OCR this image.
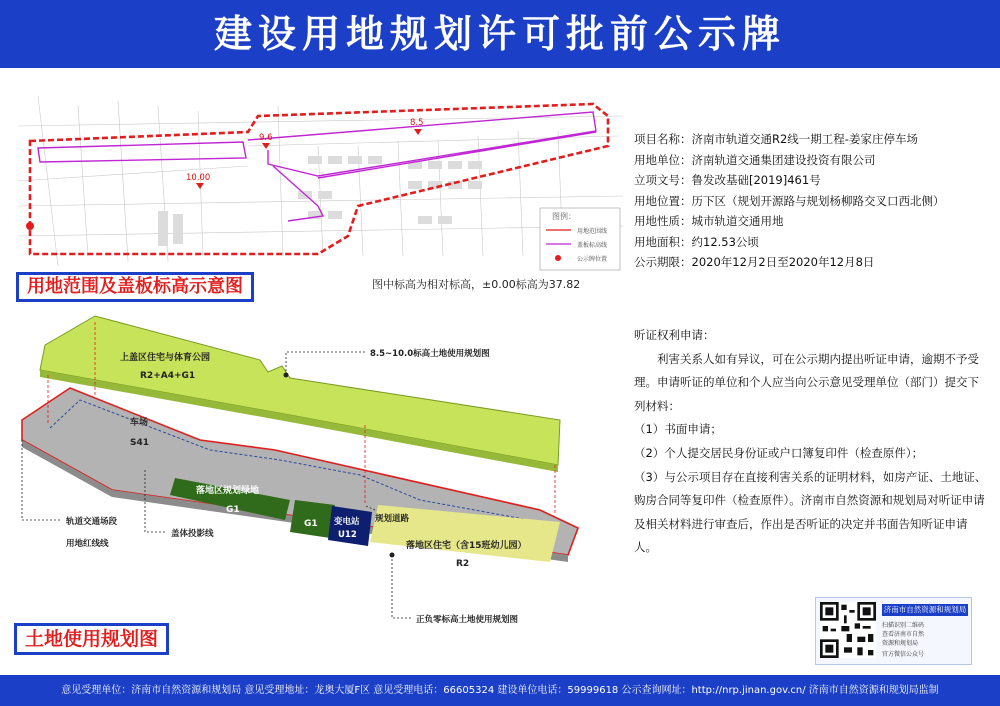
建设用地规划许可批前公示牌
9.6
8.5
10.00
图例：
用地范围线
盖板标高线
公示牌位置
用地范围及盖板标高示意图	图中标高为相对标高，±0.00标高为37.82
项目名称：济南市轨道交通R2线一期工程-姜家庄停车场
用地单位：济南轨道交通集团建设投资有限公司
立项文号：鲁发改基础[2019]461号
用地位置：历下区（规划开源路与规划杨柳路交叉口西北侧）
用地性质：城市轨道交通用地
用地面积：约12.53公顷
公示期限：2020年12月2日至2020年12月8日

听证权利申请：

利害关系人如有异议，可在公示期内提出听证申请，逾期不予受理。申请听证的单位和个人应当向公示意见受理单位（部门）提交下列材料：

（1）书面申请；

（2）个人提交居民身份证或户口簿复印件（检查原件）；

（3）与公示项目存在直接利害关系的证明材料，如房产证、土地证、购房合同等复印件（检查原件）。济南市自然资源和规划局对听证申请及相关材料进行审查后，作出是否听证的决定并书面告知听证申请人。

上盖区住宅与体育公园
R2+A4+G1
车场
S41
落地区规划绿地
G1
G1 变电站
U12
落地区住宅（含15班幼儿园）
R2
8.5~10.0标高土地使用规划图
规划道路
轨道交通场段
用地红线线
盖体投影线
正负零标高土地使用规划图
土地使用规划图
济南市自然资源和规划局
扫描识别二维码
查看济南市自然
资源和规划局
官方微信公众号
意见受理单位：济南市自然资源和规划局 意见受理地址：龙奥大厦F区 意见受理电话：66605324 建设单位电话：59999618 公示查询网址：http://nrp.jinan.gov.cn/ 济南市自然资源和规划局监制
